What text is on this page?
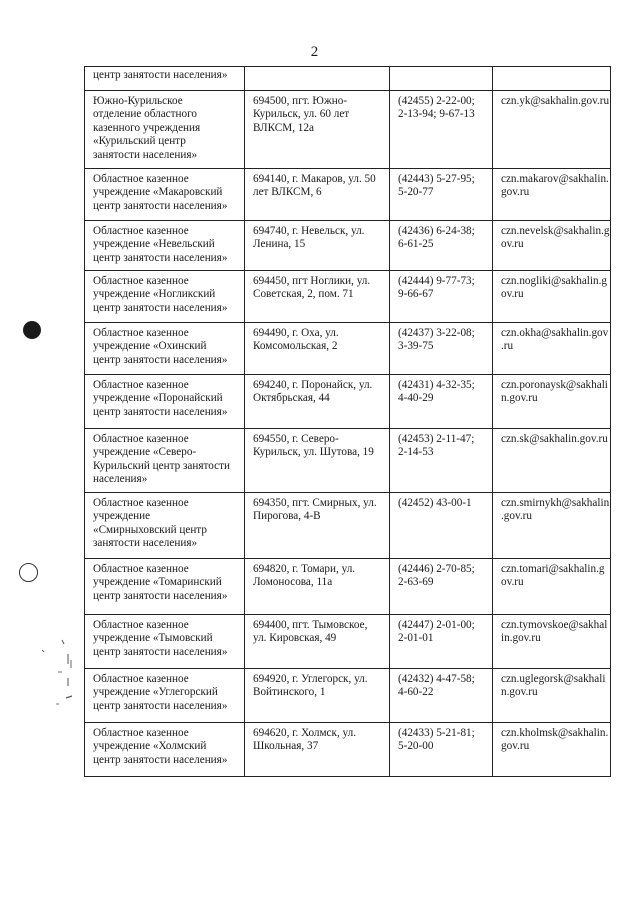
2
центр занятости населения»			

Южно-Курильское
отделение областного
казенного учреждения
«Курильский центр
занятости населения»	694500, пгт. Южно-
Курильск, ул. 60 лет
ВЛКСМ, 12а	(42455) 2-22-00;
2-13-94; 9-67-13	czn.yk@sakhalin.gov.ru

Областное казенное
учреждение «Макаровский
центр занятости населения»	694140, г. Макаров, ул. 50
лет ВЛКСМ, 6	(42443) 5-27-95;
5-20-77	czn.makarov@sakhalin.
gov.ru

Областное казенное
учреждение «Невельский
центр занятости населения»	694740, г. Невельск, ул.
Ленина, 15	(42436) 6-24-38;
6-61-25	czn.nevelsk@sakhalin.g
ov.ru

Областное казенное
учреждение «Ногликский
центр занятости населения»	694450, пгт Ноглики, ул.
Советская, 2, пом. 71	(42444) 9-77-73;
9-66-67	czn.nogliki@sakhalin.g
ov.ru

Областное казенное
учреждение «Охинский
центр занятости населения»	694490, г. Оха, ул.
Комсомольская, 2	(42437) 3-22-08;
3-39-75	czn.okha@sakhalin.gov
.ru

Областное казенное
учреждение «Поронайский
центр занятости населения»	694240, г. Поронайск, ул.
Октябрьская, 44	(42431) 4-32-35;
4-40-29	czn.poronaysk@sakhali
n.gov.ru

Областное казенное
учреждение «Северо-
Курильский центр занятости
населения»	694550, г. Северо-
Курильск, ул. Шутова, 19	(42453) 2-11-47;
2-14-53	czn.sk@sakhalin.gov.ru

Областное казенное
учреждение
«Смирныховский центр
занятости населения»	694350, пгт. Смирных, ул.
Пирогова, 4-В	(42452) 43-00-1	czn.smirnykh@sakhalin
.gov.ru

Областное казенное
учреждение «Томаринский
центр занятости населения»	694820, г. Томари, ул.
Ломоносова, 11а	(42446) 2-70-85;
2-63-69	czn.tomari@sakhalin.g
ov.ru

Областное казенное
учреждение «Тымовский
центр занятости населения»	694400, пгт. Тымовское,
ул. Кировская, 49	(42447) 2-01-00;
2-01-01	czn.tymovskoe@sakhal
in.gov.ru

Областное казенное
учреждение «Углегорский
центр занятости населения»	694920, г. Углегорск, ул.
Войтинского, 1	(42432) 4-47-58;
4-60-22	czn.uglegorsk@sakhali
n.gov.ru

Областное казенное
учреждение «Холмский
центр занятости населения»	694620, г. Холмск, ул.
Школьная, 37	(42433) 5-21-81;
5-20-00	czn.kholmsk@sakhalin.
gov.ru
